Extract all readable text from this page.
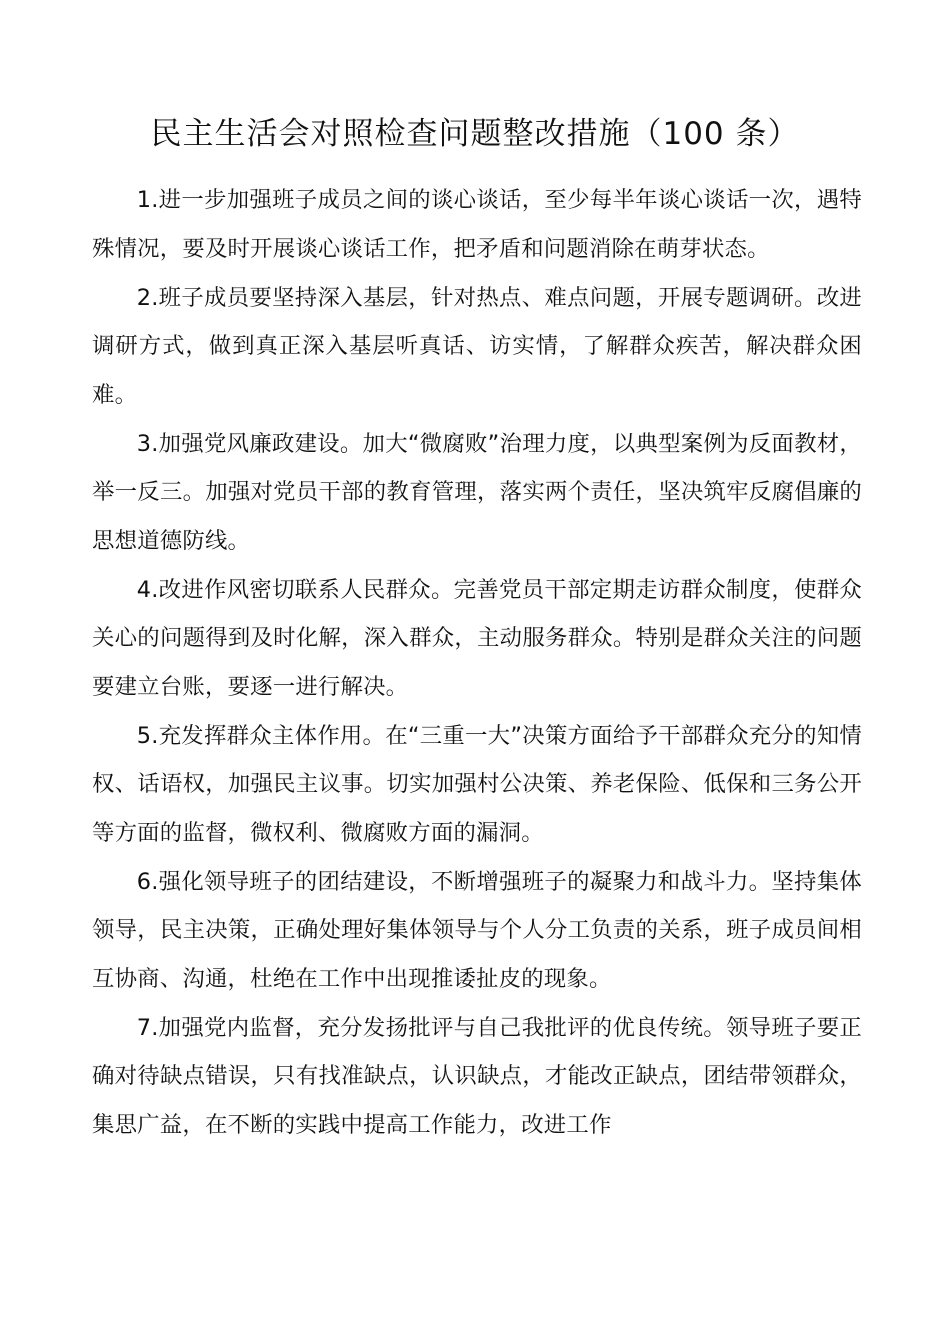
民主生活会对照检查问题整改措施（100 条）

1.进一步加强班子成员之间的谈心谈话，至少每半年谈心谈话一次，遇特殊情况，要及时开展谈心谈话工作，把矛盾和问题消除在萌芽状态。

2.班子成员要坚持深入基层，针对热点、难点问题，开展专题调研。改进调研方式，做到真正深入基层听真话、访实情，了解群众疾苦，解决群众困难。

3.加强党风廉政建设。加大“微腐败”治理力度，以典型案例为反面教材，举一反三。加强对党员干部的教育管理，落实两个责任，坚决筑牢反腐倡廉的思想道德防线。

4.改进作风密切联系人民群众。完善党员干部定期走访群众制度，使群众关心的问题得到及时化解，深入群众，主动服务群众。特别是群众关注的问题要建立台账，要逐一进行解决。

5.充发挥群众主体作用。在“三重一大”决策方面给予干部群众充分的知情权、话语权，加强民主议事。切实加强村公决策、养老保险、低保和三务公开等方面的监督，微权利、微腐败方面的漏洞。

6.强化领导班子的团结建设，不断增强班子的凝聚力和战斗力。坚持集体领导，民主决策，正确处理好集体领导与个人分工负责的关系，班子成员间相互协商、沟通，杜绝在工作中出现推诿扯皮的现象。

7.加强党内监督，充分发扬批评与自己我批评的优良传统。领导班子要正确对待缺点错误，只有找准缺点，认识缺点，才能改正缺点，团结带领群众，集思广益，在不断的实践中提高工作能力，改进工作
